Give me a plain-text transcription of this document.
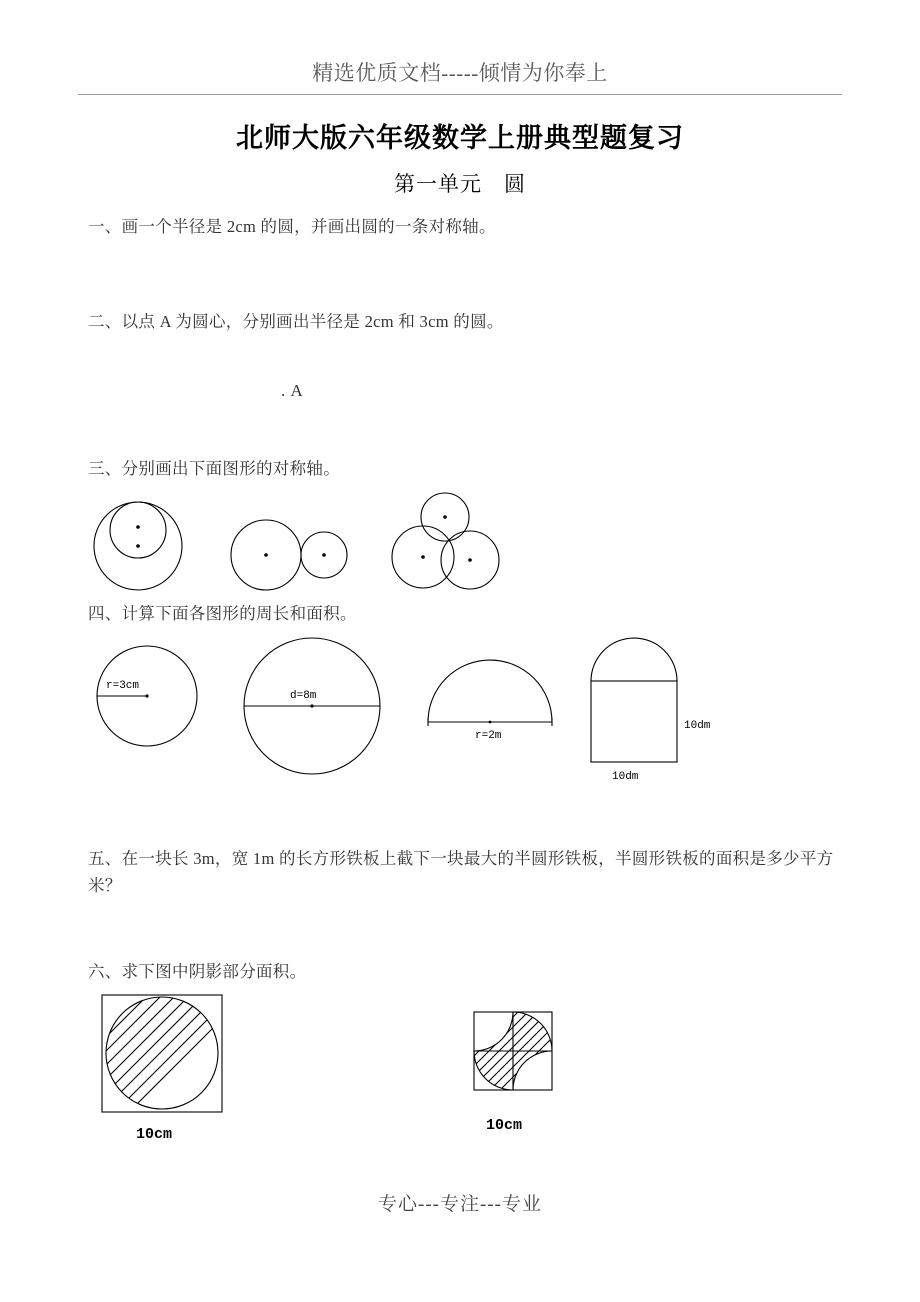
精选优质文档-----倾情为你奉上
北师大版六年级数学上册典型题复习
第一单元　圆
一、画一个半径是 2cm 的圆，并画出圆的一条对称轴。
二、以点 A 为圆心，分别画出半径是 2cm 和 3cm 的圆。
. A
三、分别画出下面图形的对称轴。
四、计算下面各图形的周长和面积。
r=3cm
d=8m
r=2m
10dm
10dm
五、在一块长 3m，宽 1m 的长方形铁板上截下一块最大的半圆形铁板，半圆形铁板的面积是多少平方米？
六、求下图中阴影部分面积。
10cm
10cm
专心---专注---专业
